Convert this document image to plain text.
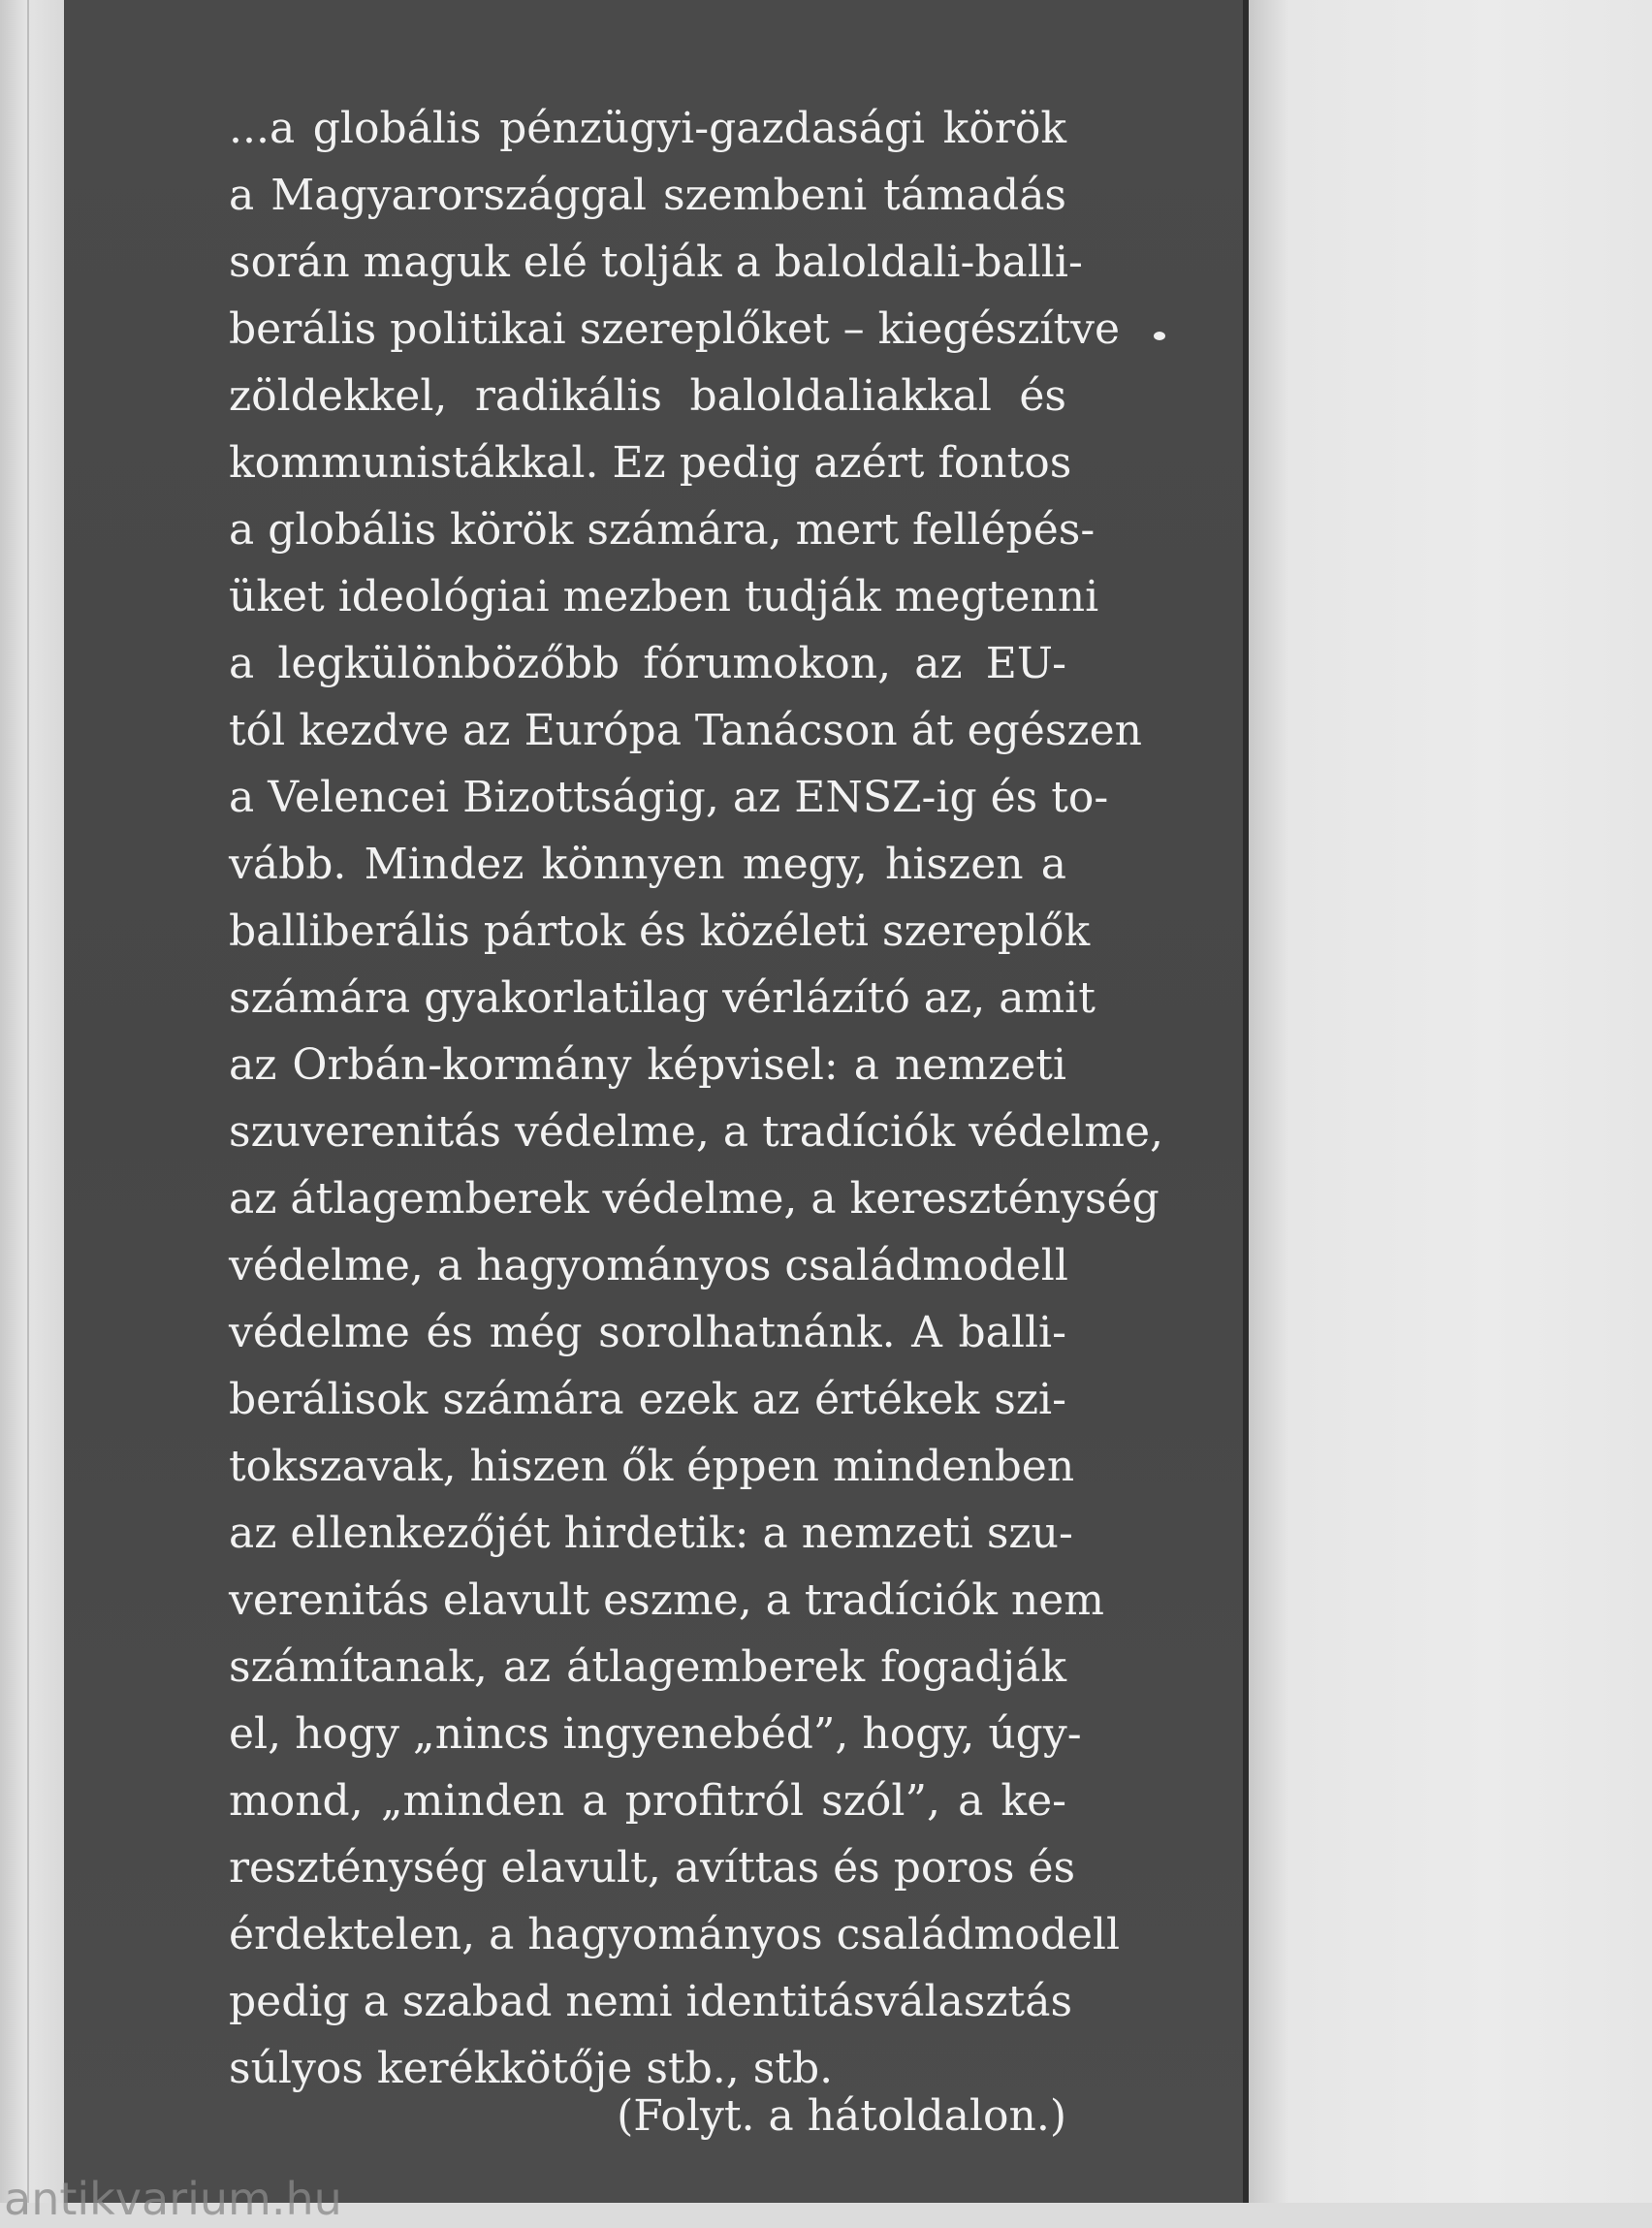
...a globális pénzügyi-gazdasági körök
a Magyarországgal szembeni támadás
során maguk elé tolják a baloldali-balli-
berális politikai szereplőket – kiegészítve
zöldekkel, radikális baloldaliakkal és
kommunistákkal. Ez pedig azért fontos
a globális körök számára, mert fellépés-
üket ideológiai mezben tudják megtenni
a legkülönbözőbb fórumokon, az EU-
tól kezdve az Európa Tanácson át egészen
a Velencei Bizottságig, az ENSZ-ig és to-
vább. Mindez könnyen megy, hiszen a
balliberális pártok és közéleti szereplők
számára gyakorlatilag vérlázító az, amit
az Orbán-kormány képvisel: a nemzeti
szuverenitás védelme, a tradíciók védelme,
az átlagemberek védelme, a kereszténység
védelme, a hagyományos családmodell
védelme és még sorolhatnánk. A balli-
berálisok számára ezek az értékek szi-
tokszavak, hiszen ők éppen mindenben
az ellenkezőjét hirdetik: a nemzeti szu-
verenitás elavult eszme, a tradíciók nem
számítanak, az átlagemberek fogadják
el, hogy „nincs ingyenebéd”, hogy, úgy-
mond, „minden a profitról szól”, a ke-
reszténység elavult, avíttas és poros és
érdektelen, a hagyományos családmodell
pedig a szabad nemi identitásválasztás
súlyos kerékkötője stb., stb.
(Folyt. a hátoldalon.)
antikvarium.hu
